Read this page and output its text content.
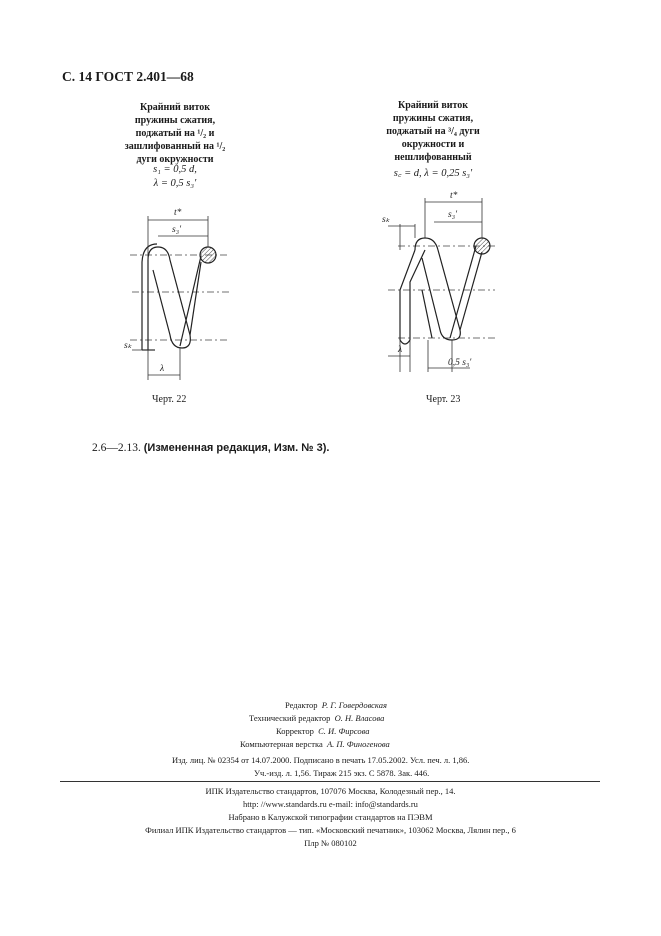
С. 14 ГОСТ 2.401—68
Крайний виток
пружины сжатия,
поджатый на ¹/₂ и
зашлифованный на ¹/₂
дуги окружности
s₁ = 0,5 d,
λ = 0,5 s₃′
Крайний виток
пружины сжатия,
поджатый на ³/₄ дуги
окружности и
нешлифованный
s꜀ = d, λ = 0,25 s₃′
t*
s₃′
sₖ
λ
t*
s₃′
sₖ
λ
0,5 s₃′
Черт. 22	Черт. 23
2.6—2.13. (Измененная редакция, Изм. № 3).
Редактор Р. Г. Говердовская
Технический редактор О. Н. Власова
Корректор С. И. Фирсова
Компьютерная верстка А. П. Финогенова
Изд. лиц. № 02354 от 14.07.2000. Подписано в печать 17.05.2002. Усл. печ. л. 1,86.
Уч.-изд. л. 1,56. Тираж 215 экз. С 5878. Зак. 446.
ИПК Издательство стандартов, 107076 Москва, Колодезный пер., 14.
http: //www.standards.ru e-mail: info@standards.ru
Набрано в Калужской типографии стандартов на ПЭВМ
Филиал ИПК Издательство стандартов — тип. «Московский печатник», 103062 Москва, Лялин пер., 6
Плр № 080102
